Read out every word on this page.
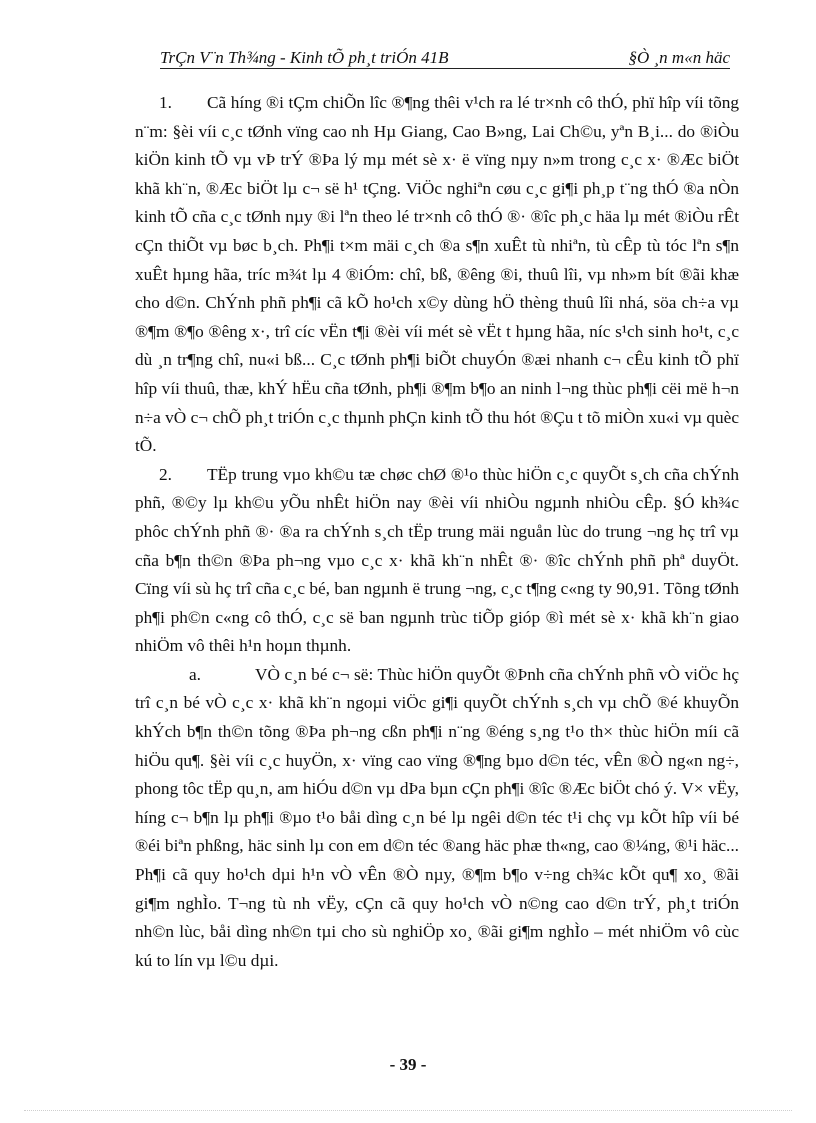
TrÇn V¨n Th¾ng - Kinh tÕ ph¸t triÓn 41B	§Ò ¸n m«n häc

1. Cã híng ®i tÇm chiÕn lîc ®¶ng thêi v¹ch ra lé tr×nh cô thÓ, phï hîp víi tõng n¨m: §èi víi c¸c tØnh vïng cao nh Hµ Giang, Cao B»ng, Lai Ch©u, yªn B¸i... do ®iÒu kiÖn kinh tÕ vµ vÞ trÝ ®Þa lý mµ mét sè x· ë vïng nµy n»m trong c¸c x· ®Æc biÖt khã kh¨n, ®Æc biÖt lµ c¬ së h¹ tÇng. ViÖc nghiªn cøu c¸c gi¶i ph¸p t¨ng thÓ ®a nÒn kinh tÕ cña c¸c tØnh nµy ®i lªn theo lé tr×nh cô thÓ ®· ®îc ph¸c häa lµ mét ®iÒu rÊt cÇn thiÕt vµ bøc b¸ch. Ph¶i t×m mäi c¸ch ®a s¶n xuÊt tù nhiªn, tù cÊp tù tóc lªn s¶n xuÊt hµng hãa, tríc m¾t lµ 4 ®iÓm: chî, bß, ®êng ®i, thuû lîi, vµ nh»m bít ®ãi khæ cho d©n. ChÝnh phñ ph¶i cã kÕ ho¹ch x©y dùng hÖ thèng thuû lîi nhá, söa ch÷a vµ ®¶m ®¶o ®êng x·, trî cíc vËn t¶i ®èi víi mét sè vËt t hµng hãa, níc s¹ch sinh ho¹t, c¸c dù ¸n tr¶ng chî, nu«i bß... C¸c tØnh ph¶i biÕt chuyÓn ®æi nhanh c¬ cÊu kinh tÕ phï hîp víi thuû, thæ, khÝ hËu cña tØnh, ph¶i ®¶m b¶o an ninh l¬ng thùc ph¶i cëi më h¬n n÷a vÒ c¬ chÕ ph¸t triÓn c¸c thµnh phÇn kinh tÕ thu hót ®Çu t tõ miÒn xu«i vµ quèc tÕ.

2. TËp trung vµo kh©u tæ chøc chØ ®¹o thùc hiÖn c¸c quyÕt s¸ch cña chÝnh phñ, ®©y lµ kh©u yÕu nhÊt hiÖn nay ®èi víi nhiÒu ngµnh nhiÒu cÊp. §Ó kh¾c phôc chÝnh phñ ®· ®a ra chÝnh s¸ch tËp trung mäi nguån lùc do trung ¬ng hç trî vµ cña b¶n th©n ®Þa ph¬ng vµo c¸c x· khã kh¨n nhÊt ®· ®îc chÝnh phñ phª duyÖt. Cïng víi sù hç trî cña c¸c bé, ban ngµnh ë trung ¬ng, c¸c t¶ng c«ng ty 90,91. Tõng tØnh ph¶i ph©n c«ng cô thÓ, c¸c së ban ngµnh trùc tiÕp gióp ®ì mét sè x· khã kh¨n giao nhiÖm vô thêi h¹n hoµn thµnh.

a.	VÒ c¸n bé c¬ së: Thùc hiÖn quyÕt ®Þnh cña chÝnh phñ vÒ viÖc hç trî c¸n bé vÒ c¸c x· khã kh¨n ngoµi viÖc gi¶i quyÕt chÝnh s¸ch vµ chÕ ®é khuyÕn khÝch b¶n th©n tõng ®Þa ph¬ng cßn ph¶i n¨ng ®éng s¸ng t¹o th× thùc hiÖn míi cã hiÖu qu¶. §èi víi c¸c huyÖn, x· vïng cao vïng ®¶ng bµo d©n téc, vÊn ®Ò ng«n ng÷, phong tôc tËp qu¸n, am hiÓu d©n vµ dÞa bµn cÇn ph¶i ®îc ®Æc biÖt chó ý. V× vËy, híng c¬ b¶n lµ ph¶i ®µo t¹o båi dìng c¸n bé lµ ngêi d©n téc t¹i chç vµ kÕt hîp víi bé ®éi biªn phßng, häc sinh lµ con em d©n téc ®ang häc phæ th«ng, cao ®¼ng, ®¹i häc... Ph¶i cã quy ho¹ch dµi h¹n vÒ vÊn ®Ò nµy, ®¶m b¶o v÷ng ch¾c kÕt qu¶ xo¸ ®ãi gi¶m nghÌo. T¬ng tù nh vËy, cÇn cã quy ho¹ch vÒ n©ng cao d©n trÝ, ph¸t triÓn nh©n lùc, båi dìng nh©n tµi cho sù nghiÖp xo¸ ®ãi gi¶m nghÌo – mét nhiÖm vô cùc kú to lín vµ l©u dµi.

- 39 -
